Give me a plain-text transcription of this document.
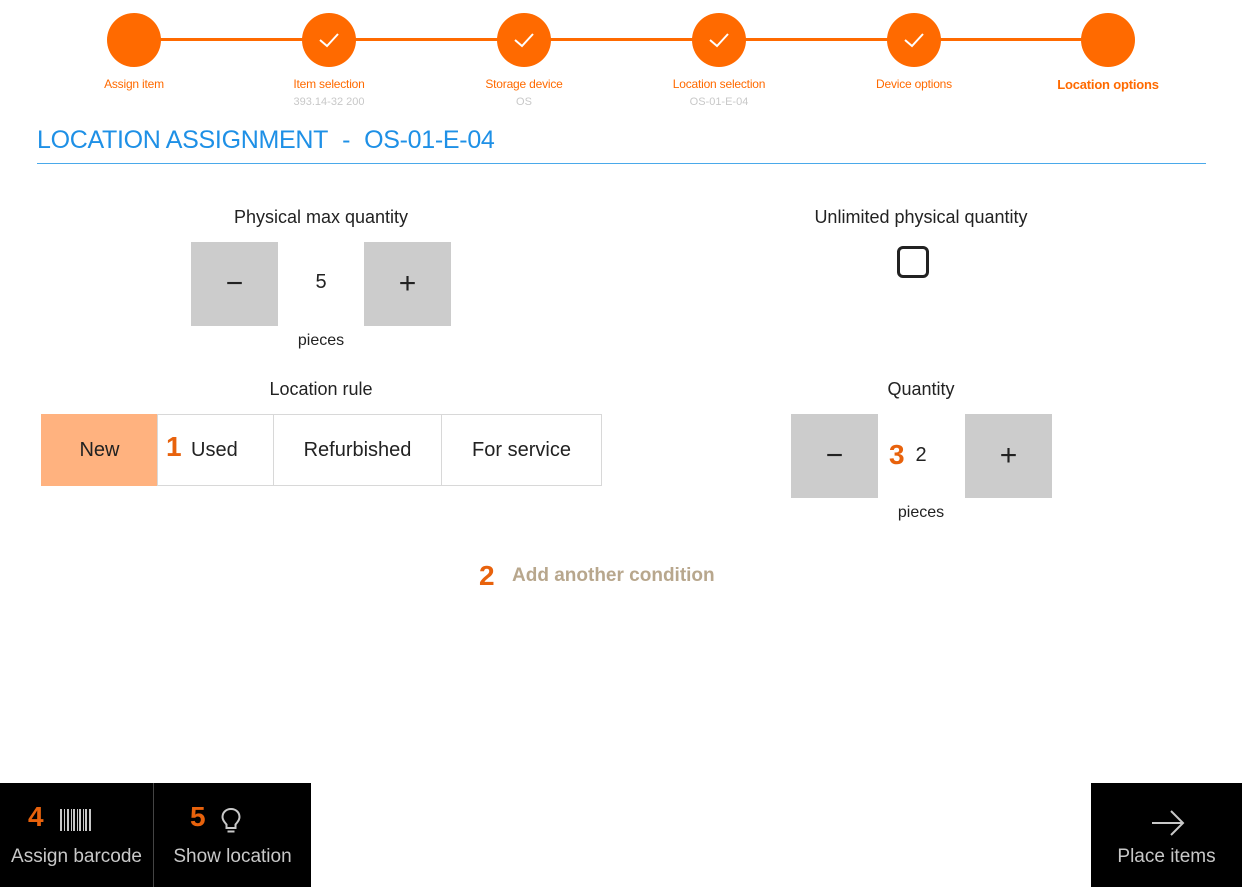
Assign item	Item selection
393.14-32 200
Storage device
OS
Location selection
OS-01-E-04
Device options	Location options
LOCATION ASSIGNMENT - OS-01-E-04
Physical max quantity
−	5	+
pieces
Unlimited physical quantity
Location rule
New	Used	Refurbished	For service
1
Quantity
− 3 2 +
pieces
2 Add another condition
4
Assign barcode
5
Show location	Place items
